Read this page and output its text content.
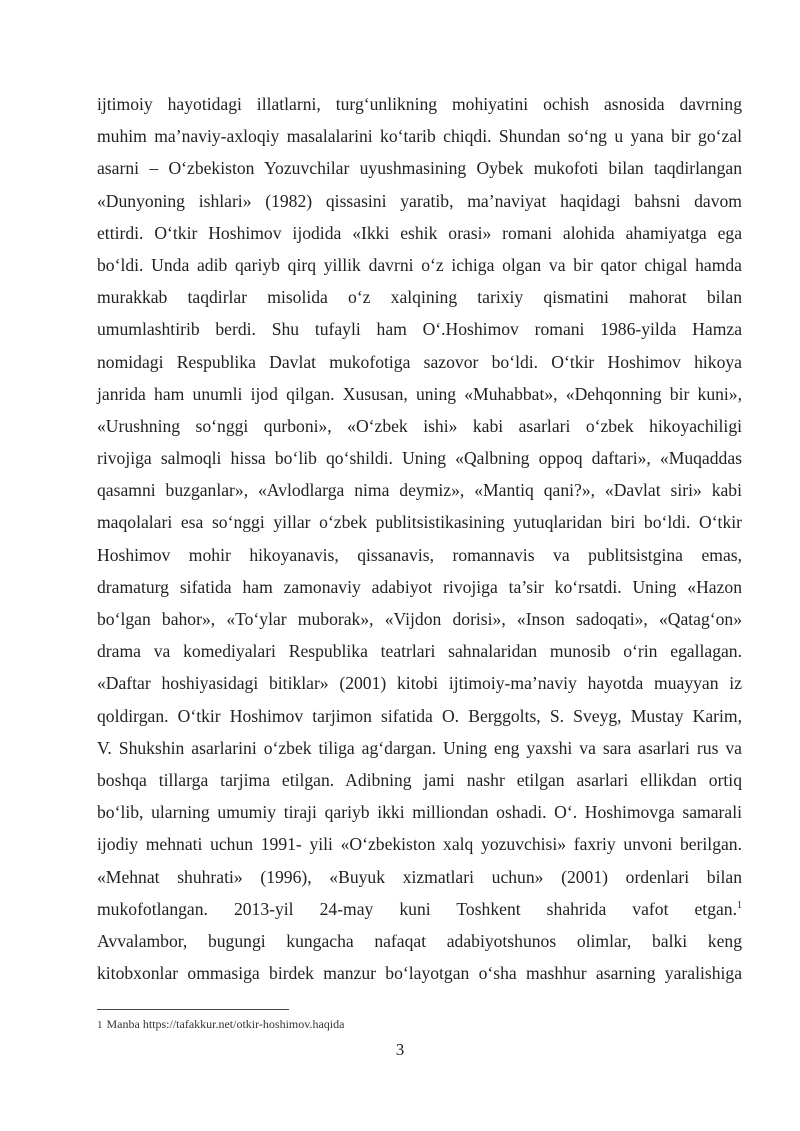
ijtimoiy hayotidagi illatlarni, turg‘unlikning mohiyatini ochish asnosida davrning
muhim ma’naviy-axloqiy masalalarini ko‘tarib chiqdi. Shundan so‘ng u yana bir go‘zal
asarni – O‘zbekiston Yozuvchilar uyushmasining Oybek mukofoti bilan taqdirlangan
«Dunyoning ishlari» (1982) qissasini yaratib, ma’naviyat haqidagi bahsni davom
ettirdi. O‘tkir Hoshimov ijodida «Ikki eshik orasi» romani alohida ahamiyatga ega
bo‘ldi. Unda adib qariyb qirq yillik davrni o‘z ichiga olgan va bir qator chigal hamda
murakkab taqdirlar misolida o‘z xalqining tarixiy qismatini mahorat bilan
umumlashtirib berdi. Shu tufayli ham O‘.Hoshimov romani 1986-yilda Hamza
nomidagi Respublika Davlat mukofotiga sazovor bo‘ldi. O‘tkir Hoshimov hikoya
janrida ham unumli ijod qilgan. Xususan, uning «Muhabbat», «Dehqonning bir kuni»,
«Urushning so‘nggi qurboni», «O‘zbek ishi» kabi asarlari o‘zbek hikoyachiligi
rivojiga salmoqli hissa bo‘lib qo‘shildi. Uning «Qalbning oppoq daftari», «Muqaddas
qasamni buzganlar», «Avlodlarga nima deymiz», «Mantiq qani?», «Davlat siri» kabi
maqolalari esa so‘nggi yillar o‘zbek publitsistikasining yutuqlaridan biri bo‘ldi. O‘tkir
Hoshimov mohir hikoyanavis, qissanavis, romannavis va publitsistgina emas,
dramaturg sifatida ham zamonaviy adabiyot rivojiga ta’sir ko‘rsatdi. Uning «Hazon
bo‘lgan bahor», «To‘ylar muborak», «Vijdon dorisi», «Inson sadoqati», «Qatag‘on»
drama va komediyalari Respublika teatrlari sahnalaridan munosib o‘rin egallagan.
«Daftar hoshiyasidagi bitiklar» (2001) kitobi ijtimoiy-ma’naviy hayotda muayyan iz
qoldirgan. O‘tkir Hoshimov tarjimon sifatida O. Berggolts, S. Sveyg, Mustay Karim,
V. Shukshin asarlarini o‘zbek tiliga ag‘dargan. Uning eng yaxshi va sara asarlari rus va
boshqa tillarga tarjima etilgan. Adibning jami nashr etilgan asarlari ellikdan ortiq
bo‘lib, ularning umumiy tiraji qariyb ikki milliondan oshadi. O‘. Hoshimovga samarali
ijodiy mehnati uchun 1991- yili «O‘zbekiston xalq yozuvchisi» faxriy unvoni berilgan.
«Mehnat shuhrati» (1996), «Buyuk xizmatlari uchun» (2001) ordenlari bilan
mukofotlangan. 2013-yil 24-may kuni Toshkent shahrida vafot etgan.$^1$
Avvalambor, bugungi kungacha nafaqat adabiyotshunos olimlar, balki keng
kitobxonlar ommasiga birdek manzur bo‘layotgan o‘sha mashhur asarning yaralishiga
1 Manba https://tafakkur.net/otkir-hoshimov.haqida
3
